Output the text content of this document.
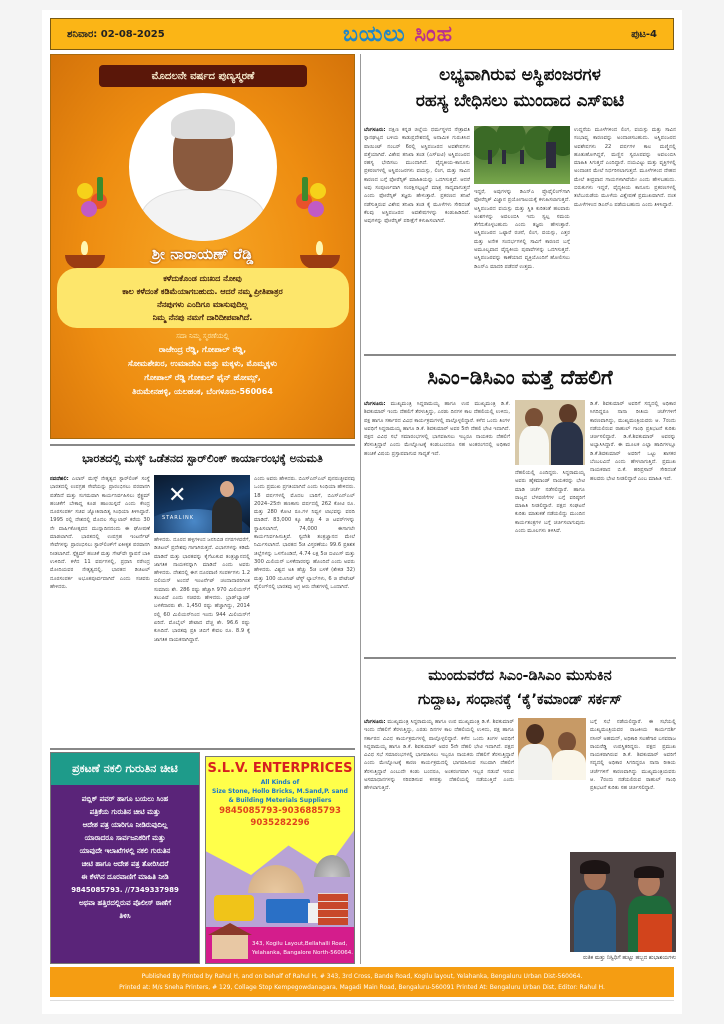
ಶನಿವಾರ: 02-08-2025	ಬಯಲು ಸಿಂಹ	ಪುಟ-4
ಮೊದಲನೇ ವರ್ಷದ ಪುಣ್ಯಸ್ಮರಣೆ
ಶ್ರೀ ನಾರಾಯಣ್ ರೆಡ್ಡಿ
ಕಳೆದುಕೊಂಡ ದುಃಖದ ನೋವು
ಕಾಲ ಕಳೆದಂತೆ ಕಡಿಮೆಯಾಗಬಹುದು. ಆದರೆ ನಮ್ಮ ಪ್ರೀತಿಪಾತ್ರರ
ನೆನಪುಗಳು ಎಂದಿಗೂ ಮಾಸುವುದಿಲ್ಲ
ನಿಮ್ಮ ನೆನಪು ನಮಗೆ ದಾರಿದೀಪವಾಗಿದೆ.
ಸದಾ ನಿಮ್ಮ ಸ್ಮರಣೆಯಲ್ಲಿ
ರಾಜೇಂದ್ರ ರೆಡ್ಡಿ, ಗೋಪಾಲ್ ರೆಡ್ಡಿ,
ಸೋಮಶೇಖರ, ಉಮಾದೇವಿ ಮತ್ತು ಮಕ್ಕಳು, ಮೊಮ್ಮಕ್ಕಳು
ಗೋಪಾಲ್ ರೆಡ್ಡಿ ಗೋಕುಲ್ ಫೈನ್ ಹೋಮ್ಸ್,
ತಿರುಮೇನಹಳ್ಳಿ, ಯಲಹಂಕ, ಬೆಂಗಳೂರು-560064
ಭಾರತದಲ್ಲಿ ಮಸ್ಕ್ ಒಡೆತನದ ಸ್ಟಾರ್‌ಲಿಂಕ್ ಕಾರ್ಯಾರಂಭಕ್ಕೆ ಅನುಮತಿ
ನವದೆಹಲಿ: ಎಲಾನ್ ಮಸ್ಕ್ ನೇತೃತ್ವದ ಸ್ಟಾರ್‌ಲಿಂಕ್ ಸಂಸ್ಥೆ ಭಾರತದಲ್ಲಿ ಉಪಗ್ರಹ ಸೇವೆಯನ್ನು ಪ್ರಾರಂಭಿಸಲು ಪರವಾನಗಿ ಪಡೆದಿದೆ ಮತ್ತು ಸುಗಮವಾಗಿ ಕಾರ್ಯನಿರ್ವಹಿಸಲು ಸ್ಪೆಕ್ಟ್ರಮ್ ಹಂಚಿಕೆಗೆ ಬೇಕಾದ್ದ ಕೂಡ ಹಾಂಯಿಸ್ಪದೆ ಎಂದು ಕೇಂದ್ರ ದೂರಸಂಪರ್ಕ ಸಚಿವ ಜ್ಯೋತಿರಾದಿತ್ಯ ಸಿಂಧಿಯಾ ತಿಳಿಸಿದ್ದಾರೆ. 1995 ರಲ್ಲಿ ದೇಶದಲ್ಲಿ ಮೊದಲ ಸೆಲ್ಯುಲಾರ್ ಕರೆಯ 30 ನೇ ವಾರ್ಷಿಕೋತ್ಸವದ ಮುನ್ನಾದಿನದಂದು ಈ ಘೋಷಣೆ ಮಾಡಲಾಗಿದೆ. ಭಾರತದಲ್ಲಿ ಉಪಗ್ರಹ ಇಂಟರ್ನೆಟ್ ಸೇವೆಗಳನ್ನು ಪ್ರಾರಂಭಿಸಲು ಸ್ಟಾರ್‌ಲಿಂಕ್‌ಗೆ ಏಕೀಕೃತ ಪರವಾನಗಿ ನೀಡಲಾಗಿದೆ. ಸ್ಪೆಕ್ಟ್ರಮ್ ಹಂಚಿಕೆ ಮತ್ತು ಗೇಟ್‌ವೇ ಸ್ಥಾಪನೆ ಬಾಕಿ ಉಳಿದಿದೆ. ಕಳೆದ 11 ವರ್ಷಗಳಲ್ಲಿ, ಪ್ರಧಾನಿ ನರೇಂದ್ರ ಮೋದಿಯವರ ನೇತೃತ್ವದಲ್ಲಿ, ಭಾರತದ ಡಿಜಿಟಲ್ ದೂರಸಂಪರ್ಕ ಅಭೂತಪೂರ್ವವಾಗಿದೆ ಎಂದು ಸಚಿವರು ಹೇಳಿದರು.
✕
STARLINK
ಹೇಳಿದರು. ದೂರದ ಹಳ್ಳಿಗಳಿಂದ ಜನನಿಬಿಡ ನಗರಗಳವರೆಗೆ, ಡಿಜಿಟಲ್ ಪ್ರದೇಶವು ಗಾಗಾಗಿರುತ್ತದೆ. ವಿಭಾಗಗಳನ್ನು ಕಡಿಮೆ ಮಾಡಿದೆ ಮತ್ತು ಭಾರತವನ್ನು ಕೈಗೆಟುಕುವ ತಂತ್ರಜ್ಞಾನದಲ್ಲಿ ಜಾಗತಿಕ ನಾಯಕನನ್ನಾಗಿ ಮಾಡಿದೆ ಎಂದು ಅವರು ಹೇಳಿದರು. ದೇಶದಲ್ಲಿ ಈಗ ದೂರವಾಣಿ ಸಂಪರ್ಕಗಳು 1.2 ಬಿಲಿಯನ್ ಅಂದರೆ ಇಂಟರ್ನೆಟ್ ಚಂದಾದಾರರಿಗಿಂತ ಸುಮಾರು ಶೇ. 286 ರಷ್ಟು ಹೆಚ್ಚಾಗಿ 970 ಮಿಲಿಯನ್‌ಗೆ ತಲುಪಿವೆ ಎಂದು ಸಚಿವರು ಹೇಳಿದರು. ಬ್ರಾಡ್‌ಬ್ಯಾಂಡ್ ಬಳಕೆದಾರರು ಶೇ. 1,450 ರಷ್ಟು ಹೆಚ್ಚಾಗಿದ್ದು, 2014 ರಲ್ಲಿ 60 ಮಿಲಿಯನ್‌ನಿಂದ ಇಂದು 944 ಮಿಲಿಯನ್‌ಗೆ ಏರಿದೆ. ಮೊಬೈಲ್ ಡೇಟಾದ ವೆಚ್ಚ ಶೇ. 96.6 ರಷ್ಟು ಕುಸಿದಿದೆ. ಭಾರತವು ಪ್ರತಿ ಜಿಬಿಗೆ ಕೇವಲ ರೂ. 8.9 ಕ್ಕೆ ಜಾಗತಿಕ ನಾಯಕನಾಗಿದ್ದಾನೆ.
ಎಂದು ಅವರು ಹೇಳಿದರು. ಬಿಎಸ್‌ಎನ್‌ಎಲ್ ಪುನರುಜ್ಜೀವನವು ಒಂದು ಪ್ರಮುಖ ಪ್ರಗತಿಯಾಗಿದೆ ಎಂದು ಸಿಂಧಿಯಾ ಹೇಳಿದರು. 18 ವರ್ಷಗಳಲ್ಲಿ ಮೊದಲ ಬಾರಿಗೆ, ಬಿಎಸ್‌ಎನ್‌ಎಲ್ 2024–25ನೇ ಹಣಕಾಸು ವರ್ಷದಲ್ಲಿ 262 ಕೋಟಿ ರೂ. ಮತ್ತು 280 ಕೋಟಿ ರೂ.ಗಳ ನಿವ್ವಳ ಲಾಭವನ್ನು ವರದಿ ಮಾಡಿದೆ. 83,000 ಕ್ಕೂ ಹೆಚ್ಚು 4 ಜಿ ಟವರ್‌ಗಳನ್ನು ಸ್ಥಾಪಿಸಲಾಗಿದೆ, 74,000 ಈಗಾಗಲೇ ಕಾರ್ಯನಿರ್ವಹಿಸುತ್ತಿವೆ. ಸ್ವದೇಶಿ ತಂತ್ರಜ್ಞಾನದ ಮೇಲೆ ನಿರ್ಮಿಸಲಾಗಿದೆ. ಭಾರತದ 5ಜಿ ವಿಸ್ತರಣೆಯು 99.6 ಪ್ರತಿಶತ ಜಿಲ್ಲೆಗಳನ್ನು ಒಳಗೊಂಡಿದೆ, 4.74 ಲಕ್ಷ 5ಜಿ ಬಿಟಿಎಸ್ ಮತ್ತು 300 ಮಿಲಿಯನ್ ಬಳಕೆದಾರರನ್ನು ಹೊಂದಿದೆ ಎಂದು ಅವರು ಹೇಳಿದರು. ವಿಶ್ವದ ಅತಿ ಹೆಚ್ಚು 5ಜಿ ಬಳಕೆ (ಶೇಕಡ 32) ಮತ್ತು 100 ಯೂನಿಟ್ ಟೆಸ್ಟ್ ಲ್ಯಾಬ್‌ಗಳು, 6 ಜಿ ಪೇಟೆಂಟ್ ಫೈಲಿಂಗ್‌ನಲ್ಲಿ ಭಾರತವು ಅಗ್ರ ಆರು ದೇಶಗಳಲ್ಲಿ ಒಂದಾಗಿದೆ.
ಪ್ರಕಟಣೆ ನಕಲಿ ಗುರುತಿನ ಚೀಟಿ
ಪಬ್ಲಿಕ್ ಪವರ್ ಹಾಗೂ ಬಯಲು ಸಿಂಹ
ಪತ್ರಿಕೆಯ ಗುರುತಿನ ಚೀಟಿ ಮತ್ತು
ಆದೇಶ ಪತ್ರ ಯಾರಿಗೂ ನೀಡಿರುವುದಿಲ್ಲ
ಯಾರಾದರೂ ಸಾರ್ವಜನಿಕರಿಗೆ ಮತ್ತು
ಯಾವುದೇ ಇಲಾಖೆಗಳಲ್ಲಿ ನಕಲಿ ಗುರುತಿನ
ಚೀಟಿ ಹಾಗೂ ಆದೇಶ ಪತ್ರ ತೋರಿಸಿದರೆ
ಈ ಕೆಳಗಿನ ದೂರವಾಣಿಗೆ ಮಾಹಿತಿ ನೀಡಿ
9845085793. //7349337989
ಅಥವಾ ಹತ್ತಿರದಲ್ಲಿರುವ ಪೊಲೀಸ್ ಠಾಣೆಗೆ
ತಿಳಿಸಿ
S.L.V. ENTERPRICES
All Kinds of
Size Stone, Hollo Bricks, M.Sand,P. sand
& Building Meterials Suppliers
9845085793-9036885793
9035282296
343, Kogilu Layout,Bellahalli Road,
Yelahanka, Bangalore North-560064.
ಲಭ್ಯವಾಗಿರುವ ಅಸ್ಥಿಪಂಜರಗಳ
ರಹಸ್ಯ ಬೇಧಿಸಲು ಮುಂದಾದ ಎಸ್‌ಐಟಿ
ಬೆಂಗಳೂರು: ದಕ್ಷಿಣ ಕನ್ನಡ ಜಿಲ್ಲೆಯ ಧರ್ಮಸ್ಥಳದ ನೇತ್ರಾವತಿ ಸ್ನಾನಘಟ್ಟದ ಬಳಿಯ ಕಾಡುಪ್ರದೇಶದಲ್ಲಿ ಅನಾಮಿಕ ಗುರುತಿಸಿದ ಪಾಯಿಂಟ್ ನಂಬರ್ 6ರಲ್ಲಿ ಅಸ್ಥಿಪಂಜರದ ಅವಶೇಷಗಳು ಪತ್ತೆಯಾಗಿವೆ. ವಿಶೇಷ ತನಿಖಾ ತಂಡ (ಎಸ್‌ಐಟಿ) ಅಸ್ಥಿಪಂಜರದ ರಹಸ್ಯ ಭೇದಿಸಲು ಮುಂದಾಗಿದೆ. ವೈದ್ಯಕೀಯ-ಕಾನೂನು ಪ್ರಕರಣಗಳಲ್ಲಿ ಅಸ್ಥಿಪಂಜರಗಳು ವಯಸ್ಸು, ಲಿಂಗ, ಮತ್ತು ಸಾವಿನ ಕಾರಣದ ಬಗ್ಗೆ ಫೋರೆನ್ಸಿಕ್ ಮಾಹಿತಿಯನ್ನು ಒದಗಿಸುತ್ತವೆ. ಆದರೆ ಅವು ಸಂಪೂರ್ಣವಾಗಿ ಸಂರಕ್ಷಿಸಲ್ಪಟ್ಟರೆ ಮಾತ್ರ ಸಾಧ್ಯವಾಗುತ್ತದೆ ಎಂದು ಫೋರೆನ್ಸಿಕ್ ತಜ್ಞರು ಹೇಳುತ್ತಾರೆ. ಪ್ರಕರಣದ ತನಿಖೆ ನಡೆಸುತ್ತಿರುವ ವಿಶೇಷ ತನಿಖಾ ತಂಡ ಕೈ ಮೂಳೆಗಳು ಸೇರಿದಂತೆ ಕೆಲವು ಅಸ್ಥಿಪಂಜರದ ಅವಶೇಷಗಳನ್ನು ಕಂಡುಹಿಡಿದಿದೆ. ಅವುಗಳನ್ನು ಫೋರೆನ್ಸಿಕ್ ಪರೀಕ್ಷೆಗೆ ಕಳುಹಿಸಲಾಗಿದೆ.
ಇದ್ದರೆ, ಅವುಗಳನ್ನು ಡಿಎನ್‌ಎ ಪ್ರೊಫೈಲಿಂಗ್‌ಗಾಗಿ ಫೋರೆನ್ಸಿಕ್ ವಿಜ್ಞಾನ ಪ್ರಯೋಗಾಲಯಕ್ಕೆ ಕಳುಹಿಸಲಾಗುತ್ತದೆ. ಅಸ್ಥಿಪಂಜರದ ವಯಸ್ಸು ಮತ್ತು ಸ್ಥಿತಿ ಕುರಿತಂತೆ ಹಲವಾರು ಅಂಶಗಳನ್ನು ಅವಲಂಬಿಸಿ ಇದು ಸ್ವಲ್ಪ ಸಮಯ ತೆಗೆದುಕೊಳ್ಳಬಹುದು ಎಂದು ತಜ್ಞರು ಹೇಳುತ್ತಾರೆ. ಅಸ್ಥಿಪಂಜರದ ಒಟ್ಟಾರೆ ರಚನೆ, ಲಿಂಗ, ವಯಸ್ಸು, ಎತ್ತರ ಮತ್ತು ಅನೇಕ ಸಂದರ್ಭಗಳಲ್ಲಿ ಸಾವಿಗೆ ಕಾರಣದ ಬಗ್ಗೆ ಅಮೂಲ್ಯವಾದ ವೈದ್ಯಕೀಯ ಪುರಾವೆಗಳನ್ನು ಒದಗಿಸುತ್ತದೆ. ಅಸ್ಥಿಪಂಜರವನ್ನು ಕಾಣೆಯಾದ ವ್ಯಕ್ತಿಯೊಂದಿಗೆ ಹೋಲಿಸಲು ಡಿಎನ್‌ಎ ಮಾದರಿ ಪಡೆದರೆ ಉತ್ತಮ.
ಉದ್ದನೆಯ ಮೂಳೆಗಳಿಂದ ಲಿಂಗ, ವಯಸ್ಸು ಮತ್ತು ಸಾವಿನ ಸಂಭಾವ್ಯ ಕಾರಣವನ್ನು ಅಂದಾಜಿಸಬಹುದು. ಅಸ್ಥಿಪಂಜರದ ಅವಶೇಷಗಳು 22 ವರ್ಷಗಳ ಕಾಲ ಮಣ್ಣಿನಲ್ಲಿ ಹೂತುಹೋಗಿದ್ದರೆ, ಮಣ್ಣಿನ ಸ್ವರೂಪವನ್ನು ಅವಲಂಬಿಸಿ ಮಾಹಿತಿ ಸಿಗುತ್ತದೆ ಎಂದಿದ್ದಾರೆ. ದಯವಿಟ್ಟು ಮತ್ತು ವ್ಯಕ್ತಿಗಳಲ್ಲಿ ಅಂದಾಜಿನ ಮೇಲೆ ನಿರ್ಧರಿಸಲಾಗುತ್ತದೆ. ಮೂಳೆಗಳಿಂದ ದೇಹದ ಮೇಲೆ ತೀವ್ರವಾದ ಗಾಯಗಳಾಗಿವೆಯೇ ಎಂದು ಹೇಳಬಹುದು. ಬಿರುಕುಗಳು ಇದ್ದರೆ, ವೈದ್ಯಕೀಯ ಕಾನೂನು ಪ್ರಕರಣಗಳಲ್ಲಿ ತಲೆಬುರುಡೆಯ ಮೂಳೆಯ ವಿಶ್ಲೇಷಣೆ ಪ್ರಮುಖವಾಗಿದೆ. ದಂತ ಮೂಳೆಗಳಿಂದ ಡಿಎನ್‌ಎ ಪಡೆಯಬಹುದು ಎಂದು ತಿಳಿಸಿದ್ದಾರೆ.
ಸಿಎಂ–ಡಿಸಿಎಂ ಮತ್ತೆ ದೆಹಲಿಗೆ
ಬೆಂಗಳೂರು: ಮುಖ್ಯಮಂತ್ರಿ ಸಿದ್ದರಾಮಯ್ಯ ಹಾಗೂ ಉಪ ಮುಖ್ಯಮಂತ್ರಿ ಡಿ.ಕೆ. ಶಿವಕುಮಾರ್ ಇಂದು ದೆಹಲಿಗೆ ತೆರಳುತ್ತಿದ್ದು, ಎರಡು ದಿನಗಳ ಕಾಲ ದೆಹಲಿಯಲ್ಲಿ ಉಳಿದು, ಪಕ್ಷ ಹಾಗೂ ಸರ್ಕಾರದ ವಿವಿಧ ಕಾರ್ಯಕ್ರಮಗಳಲ್ಲಿ ಪಾಲ್ಗೊಳ್ಳಲಿದ್ದಾರೆ. ಕಳೆದ ಒಂದು ತಿಂಗಳ ಅವಧಿಗೆ ಸಿದ್ದರಾಮಯ್ಯ ಹಾಗೂ ಡಿ.ಕೆ. ಶಿವಕುಮಾರ್ ಅವರ 5ನೇ ದೆಹಲಿ ಭೇಟಿ ಇದಾಗಿದೆ. ಪಕ್ಷದ ವಿವಿಧ ಸಭೆ ಸಮಾರಂಭಗಳಲ್ಲಿ ಭಾಗವಹಿಸಲು ಇಬ್ಬರೂ ನಾಯಕರು ದೆಹಲಿಗೆ ತೆರಳುತ್ತಿದ್ದಾರೆ ಎಂದು ಮೇಲ್ನೋಟಕ್ಕೆ ಕಂಡುಬಂದರೂ ಸಹ ಅಂತರಂಗದಲ್ಲಿ ಅಧಿಕಾರ ಹಂಚಿಕೆ ವಿಷಯ ಪ್ರಸ್ತಾಪವಾಗುವ ಸಾಧ್ಯತೆ ಇದೆ.
ದೆಹಲಿಯಲ್ಲಿ ಎಂದಿದ್ದರು. ಸಿದ್ದರಾಮಯ್ಯ ಅವರು ಹೈಕಮಾಂಡ್ ನಾಯಕರನ್ನು ಭೇಟಿ ಮಾಡಿ ಚರ್ಚೆ ನಡೆಸಲಿದ್ದಾರೆ. ಹಾಗೂ ರಾಜ್ಯದ ಬೆಳವಣಿಗೆಗಳ ಬಗ್ಗೆ ವರಿಷ್ಠರಿಗೆ ಮಾಹಿತಿ ನೀಡಲಿದ್ದಾರೆ. ಪಕ್ಷದ ಸಂಘಟನೆ ಕುರಿತು ಮಾತುಕತೆ ನಡೆಯಲಿದ್ದು ಮುಂದಿನ ಕಾರ್ಯತಂತ್ರಗಳ ಬಗ್ಗೆ ಚರ್ಚಿಸಲಾಗುವುದು ಎಂದು ಮೂಲಗಳು ತಿಳಿಸಿವೆ.
ಡಿ.ಕೆ. ಶಿವಕುಮಾರ್ ಅವರಿಗೆ ಸದ್ಯದಲ್ಲಿ ಅಧಿಕಾರ ಸಿಗದಿದ್ದರೂ ನಾನಾ ರೀತಿಯ ಚರ್ಚೆಗಳಿಗೆ ಕಾರಣವಾಗಿದ್ದು, ಮುಖ್ಯಮಂತ್ರಿಯವರು ಆ. 7ರಂದು ನಡೆಯಲಿರುವ ರಾಹುಲ್ ಗಾಂಧಿ ಪ್ರತಿಭಟನೆ ಕುರಿತು ಚರ್ಚಿಸಲಿದ್ದಾರೆ. ಡಿ.ಕೆ.ಶಿವಕುಮಾರ್ ಅವರನ್ನು ಅಭ್ಯಾಸಿಸಿದ್ದಾರೆ. ಈ ಮೂಲಕ ಎಲ್ಲಾ ಹಾದಿಗಳಲ್ಲೂ ಡಿ.ಕೆ.ಶಿವಕುಮಾರ್ ಅವರಿಗೆ ಒಟ್ಟು ಶಾಸಕರ ಬೆಂಬಲವಿದೆ ಎಂದು ಹೇಳಲಾಗುತ್ತಿದೆ. ಪ್ರಮುಖ ನಾಯಕರಾದ ಬಿ.ಕೆ. ಹರಿಪ್ರಸಾದ್ ಸೇರಿದಂತೆ ಹಲವರು ಭೇಟಿ ನೀಡಲಿದ್ದಾರೆ ಎಂಬ ಮಾಹಿತಿ ಇದೆ.
ಮುಂದುವರೆದ ಸಿಎಂ-ಡಿಸಿಎಂ ಮುಸುಕಿನ
ಗುದ್ದಾಟ, ಸಂಧಾನಕ್ಕೆ ‘ಕೈ’ಕಮಾಂಡ್ ಸರ್ಕಸ್
ಬೆಂಗಳೂರು: ಮುಖ್ಯಮಂತ್ರಿ ಸಿದ್ದರಾಮಯ್ಯ ಹಾಗೂ ಉಪ ಮುಖ್ಯಮಂತ್ರಿ ಡಿ.ಕೆ. ಶಿವಕುಮಾರ್ ಇಂದು ದೆಹಲಿಗೆ ತೆರಳುತ್ತಿದ್ದು, ಎರಡು ದಿನಗಳ ಕಾಲ ದೆಹಲಿಯಲ್ಲಿ ಉಳಿದು, ಪಕ್ಷ ಹಾಗೂ ಸರ್ಕಾರದ ವಿವಿಧ ಕಾರ್ಯಕ್ರಮಗಳಲ್ಲಿ ಪಾಲ್ಗೊಳ್ಳಲಿದ್ದಾರೆ. ಕಳೆದ ಒಂದು ತಿಂಗಳ ಅವಧಿಗೆ ಸಿದ್ದರಾಮಯ್ಯ ಹಾಗೂ ಡಿ.ಕೆ. ಶಿವಕುಮಾರ್ ಅವರ 5ನೇ ದೆಹಲಿ ಭೇಟಿ ಇದಾಗಿದೆ. ಪಕ್ಷದ ವಿವಿಧ ಸಭೆ ಸಮಾರಂಭಗಳಲ್ಲಿ ಭಾಗವಹಿಸಲು ಇಬ್ಬರೂ ನಾಯಕರು ದೆಹಲಿಗೆ ತೆರಳುತ್ತಿದ್ದಾರೆ ಎಂದು ಮೇಲ್ನೋಟಕ್ಕೆ ಕಾರಣ ಕಾರ್ಯಕ್ರಮದಲ್ಲಿ ಭಾಗವಹಿಸುವ ಸಲುವಾಗಿ ದೆಹಲಿಗೆ ತೆರಳುತ್ತಿದ್ದಾರೆ ಎಂಬುದೇ ಕಂಡು ಬಂದರೂ, ಅಂತರಂಗವಾಗಿ ಇಬ್ಬರ ನಡುವೆ ಇರುವ ಅಸಮಾಧಾನಗಳನ್ನು ಸರಿಪಡಿಸುವ ಕಸರತ್ತು ದೆಹಲಿಯಲ್ಲಿ ನಡೆಯುತ್ತಿದೆ ಎಂದು ಹೇಳಲಾಗುತ್ತಿದೆ.
ಬಗ್ಗೆ ಸಭೆ ನಡೆಯಲಿದ್ದಾರೆ. ಈ ಸಭೆಯಲ್ಲಿ ಮುಖ್ಯಮಂತ್ರಿಯವರ ರಾಜಕೀಯ ಕಾರ್ಯದರ್ಶಿ ನಸೀರ್ ಅಹಮದ್, ಅಧಿಕಾರಿ ಸಲಹೆಗಾರ ಬಸವರಾಜ ರಾಯರೆಡ್ಡಿ ಉಪಸ್ಥಿತರಿದ್ದರು. ಪಕ್ಷದ ಪ್ರಮುಖ ನಾಯಕರಾಗಿರುವ ಡಿ.ಕೆ. ಶಿವಕುಮಾರ್ ಅವರಿಗೆ ಸದ್ಯದಲ್ಲಿ ಅಧಿಕಾರ ಸಿಗದಿದ್ದರೂ ನಾನಾ ರೀತಿಯ ಚರ್ಚೆಗಳಿಗೆ ಕಾರಣವಾಗಿದ್ದು ಮುಖ್ಯಮಂತ್ರಿಯವರು ಆ. 7ರಂದು ನಡೆಯಲಿರುವ ರಾಹುಲ್ ಗಾಂಧಿ ಪ್ರತಿಭಟನೆ ಕುರಿತು ಸಹ ಚರ್ಚಿಸಲಿದ್ದಾರೆ.
ರುತಿಕ ಮತ್ತು ನಿಸ್ವಿಧಿಗೆ ಹುಟ್ಟು ಹಬ್ಬದ ಶುಭಾಶಯಗಳು
Published By Printed by Rahul H, and on behalf of Rahul H, # 343, 3rd Cross, Bande Road, Kogilu layout, Yelahanka, Bengaluru Urban Dist-560064.
Printed at: M/s Sneha Printers, # 129, Collage Stop Kempegowdanagara, Magadi Main Road, Bengaluru-560091 Printed At: Bengaluru Urban Dist, Editor: Rahul H.
